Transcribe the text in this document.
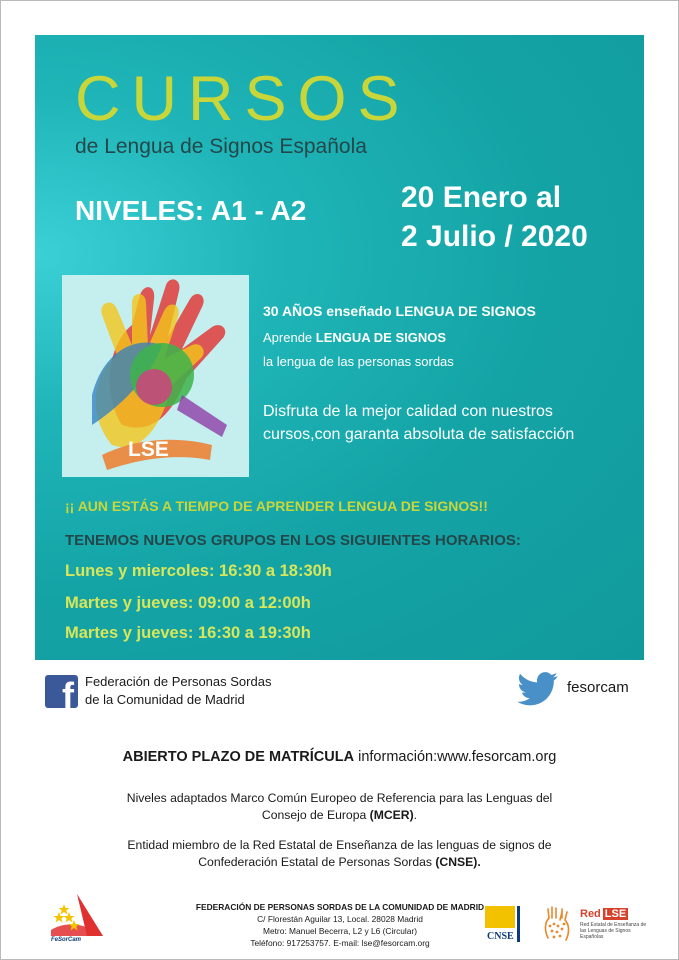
CURSOS
de Lengua de Signos Española
NIVELES: A1 - A2	20 Enero al
2 Julio / 2020
LSE
30 AÑOS enseñado LENGUA DE SIGNOS
Aprende LENGUA DE SIGNOS
la lengua de las personas sordas
Disfruta de la mejor calidad con nuestros
cursos,con garanta absoluta de satisfacción
¡¡ AUN ESTÁS A TIEMPO DE APRENDER LENGUA DE SIGNOS!!
TENEMOS NUEVOS GRUPOS EN LOS SIGUIENTES HORARIOS:
Lunes y miercoles: 16:30 a 18:30h
Martes y jueves: 09:00 a 12:00h
Martes y jueves: 16:30 a 19:30h
f Federación de Personas Sordas
de la Comunidad de Madrid
fesorcam
ABIERTO PLAZO DE MATRÍCULA información:www.fesorcam.org
Niveles adaptados Marco Común Europeo de Referencia para las Lenguas del
Consejo de Europa (MCER).
Entidad miembro de la Red Estatal de Enseñanza de las lenguas de signos de
Confederación Estatal de Personas Sordas (CNSE).
FeSorCam
FEDERACIÓN DE PERSONAS SORDAS DE LA COMUNIDAD DE MADRID
C/ Florestán Aguilar 13, Local. 28028 Madrid
Metro: Manuel Becerra, L2 y L6 (Circular)
Teléfono: 917253757. E-mail: lse@fesorcam.org
CNSE
Red LSE
Red Estatal de Enseñanza de las Lenguas de Signos Españolas
